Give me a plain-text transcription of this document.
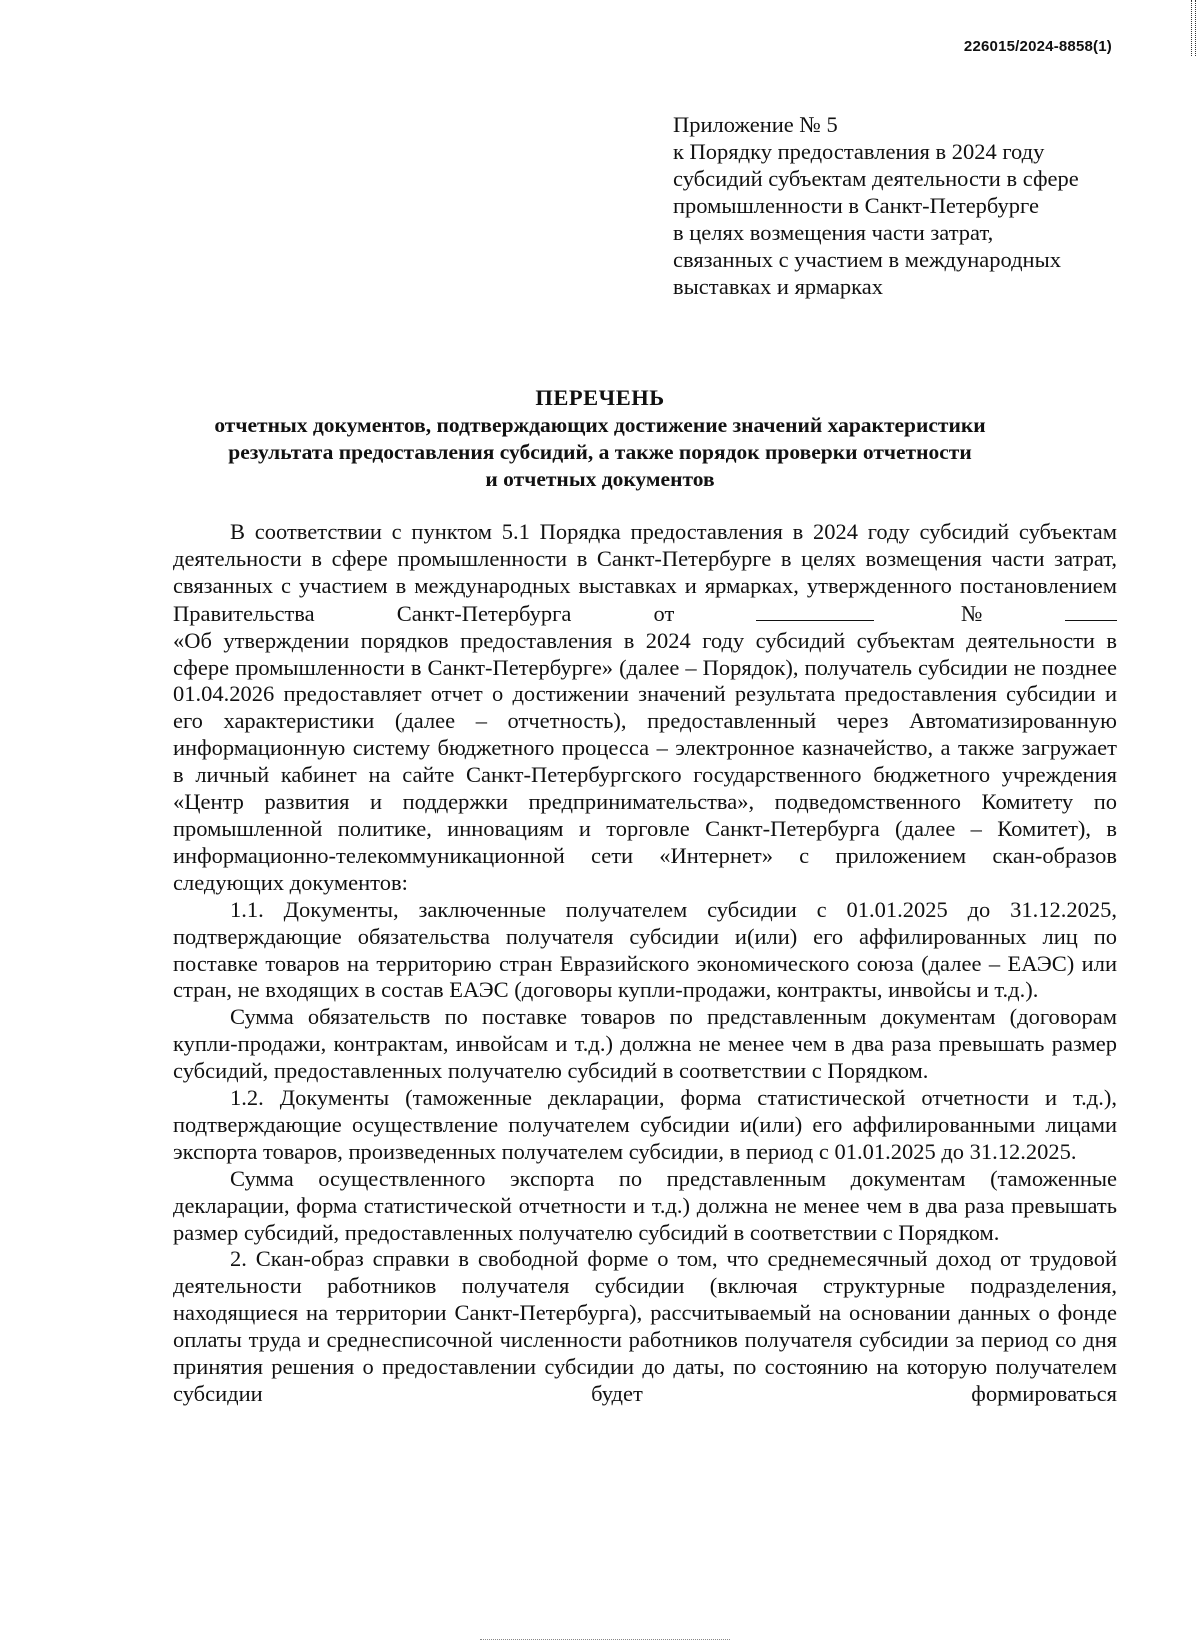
226015/2024-8858(1)
Приложение № 5
к Порядку предоставления в 2024 году
субсидий субъектам деятельности в сфере
промышленности в Санкт-Петербурге
в целях возмещения части затрат,
связанных с участием в международных
выставках и ярмарках
ПЕРЕЧЕНЬ
отчетных документов, подтверждающих достижение значений характеристики
результата предоставления субсидий, а также порядок проверки отчетности
и отчетных документов

В соответствии с пунктом 5.1 Порядка предоставления в 2024 году субсидий субъектам деятельности в сфере промышленности в Санкт-Петербурге в целях возмещения части затрат, связанных с участием в международных выставках и ярмарках, утвержденного постановлением Правительства Санкт-Петербурга от	№

«Об утверждении порядков предоставления в 2024 году субсидий субъектам деятельности в сфере промышленности в Санкт-Петербурге» (далее – Порядок), получатель субсидии не позднее 01.04.2026 предоставляет отчет о достижении значений результата предоставления субсидии и его характеристики (далее – отчетность), предоставленный через Автоматизированную информационную систему бюджетного процесса – электронное казначейство, а также загружает в личный кабинет на сайте Санкт-Петербургского государственного бюджетного учреждения «Центр развития и поддержки предпринимательства», подведомственного Комитету по промышленной политике, инновациям и торговле Санкт-Петербурга (далее – Комитет), в информационно-телекоммуникационной сети «Интернет» с приложением скан-образов следующих документов:

1.1. Документы, заключенные получателем субсидии с 01.01.2025 до 31.12.2025, подтверждающие обязательства получателя субсидии и(или) его аффилированных лиц по поставке товаров на территорию стран Евразийского экономического союза (далее – ЕАЭС) или стран, не входящих в состав ЕАЭС (договоры купли-продажи, контракты, инвойсы и т.д.).

Сумма обязательств по поставке товаров по представленным документам (договорам купли-продажи, контрактам, инвойсам и т.д.) должна не менее чем в два раза превышать размер субсидий, предоставленных получателю субсидий в соответствии с Порядком.

1.2. Документы (таможенные декларации, форма статистической отчетности и т.д.), подтверждающие осуществление получателем субсидии и(или) его аффилированными лицами экспорта товаров, произведенных получателем субсидии, в период с 01.01.2025 до 31.12.2025.

Сумма осуществленного экспорта по представленным документам (таможенные декларации, форма статистической отчетности и т.д.) должна не менее чем в два раза превышать размер субсидий, предоставленных получателю субсидий в соответствии с Порядком.

2. Скан-образ справки в свободной форме о том, что среднемесячный доход от трудовой деятельности работников получателя субсидии (включая структурные подразделения, находящиеся на территории Санкт-Петербурга), рассчитываемый на основании данных о фонде оплаты труда и среднесписочной численности работников получателя субсидии за период со дня принятия решения о предоставлении субсидии до даты, по состоянию на которую получателем субсидии будет формироваться
